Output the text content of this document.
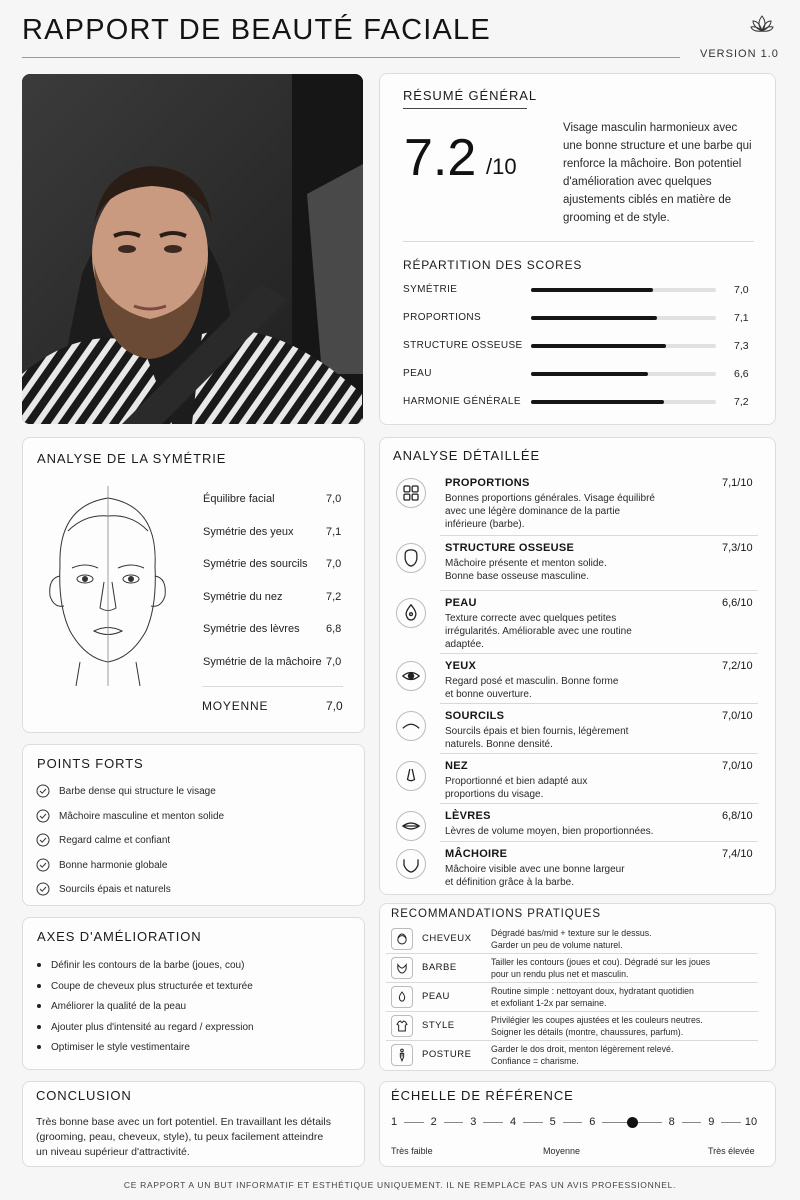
RAPPORT DE BEAUTÉ FACIALE
VERSION 1.0
RÉSUMÉ GÉNÉRAL
7.2 /10
Visage masculin harmonieux avec une bonne structure et une barbe qui renforce la mâchoire. Bon potentiel d'amélioration avec quelques ajustements ciblés en matière de grooming et de style.
RÉPARTITION DES SCORES
SYMÉTRIE	7,0
PROPORTIONS	7,1
STRUCTURE OSSEUSE	7,3
PEAU	6,6
HARMONIE GÉNÉRALE	7,2
ANALYSE DE LA SYMÉTRIE
Équilibre facial	7,0
Symétrie des yeux	7,1
Symétrie des sourcils 7,0
Symétrie du nez	7,2
Symétrie des lèvres 6,8
Symétrie de la mâchoire 7,0
MOYENNE	7,0
ANALYSE DÉTAILLÉE
PROPORTIONS	7,1/10
Bonnes proportions générales. Visage équilibré
avec une légère dominance de la partie
inférieure (barbe).
STRUCTURE OSSEUSE	7,3/10
Mâchoire présente et menton solide.
Bonne base osseuse masculine.
PEAU	6,6/10
Texture correcte avec quelques petites
irrégularités. Améliorable avec une routine
adaptée.
YEUX	7,2/10
Regard posé et masculin. Bonne forme
et bonne ouverture.
SOURCILS	7,0/10
Sourcils épais et bien fournis, légèrement
naturels. Bonne densité.
NEZ	7,0/10
Proportionné et bien adapté aux
proportions du visage.
LÈVRES	6,8/10
Lèvres de volume moyen, bien proportionnées.
MÂCHOIRE	7,4/10
Mâchoire visible avec une bonne largeur
et définition grâce à la barbe.
POINTS FORTS
Barbe dense qui structure le visage
Mâchoire masculine et menton solide
Regard calme et confiant
Bonne harmonie globale
Sourcils épais et naturels
AXES D'AMÉLIORATION
Définir les contours de la barbe (joues, cou)
Coupe de cheveux plus structurée et texturée
Améliorer la qualité de la peau
Ajouter plus d'intensité au regard / expression
Optimiser le style vestimentaire
RECOMMANDATIONS PRATIQUES
CHEVEUX Dégradé bas/mid + texture sur le dessus.
Garder un peu de volume naturel.
BARBE	Tailler les contours (joues et cou). Dégradé sur les joues
pour un rendu plus net et masculin.
PEAU	Routine simple : nettoyant doux, hydratant quotidien
et exfoliant 1-2x par semaine.
STYLE	Privilégier les coupes ajustées et les couleurs neutres.
Soigner les détails (montre, chaussures, parfum).
POSTURE Garder le dos droit, menton légèrement relevé.
Confiance = charisme.
CONCLUSION
Très bonne base avec un fort potentiel. En travaillant les détails
(grooming, peau, cheveux, style), tu peux facilement atteindre
un niveau supérieur d'attractivité.
ÉCHELLE DE RÉFÉRENCE
1	2	3	4	5	6	8	9	10
Très faible	Moyenne	Très élevée
CE RAPPORT A UN BUT INFORMATIF ET ESTHÉTIQUE UNIQUEMENT. IL NE REMPLACE PAS UN AVIS PROFESSIONNEL.
